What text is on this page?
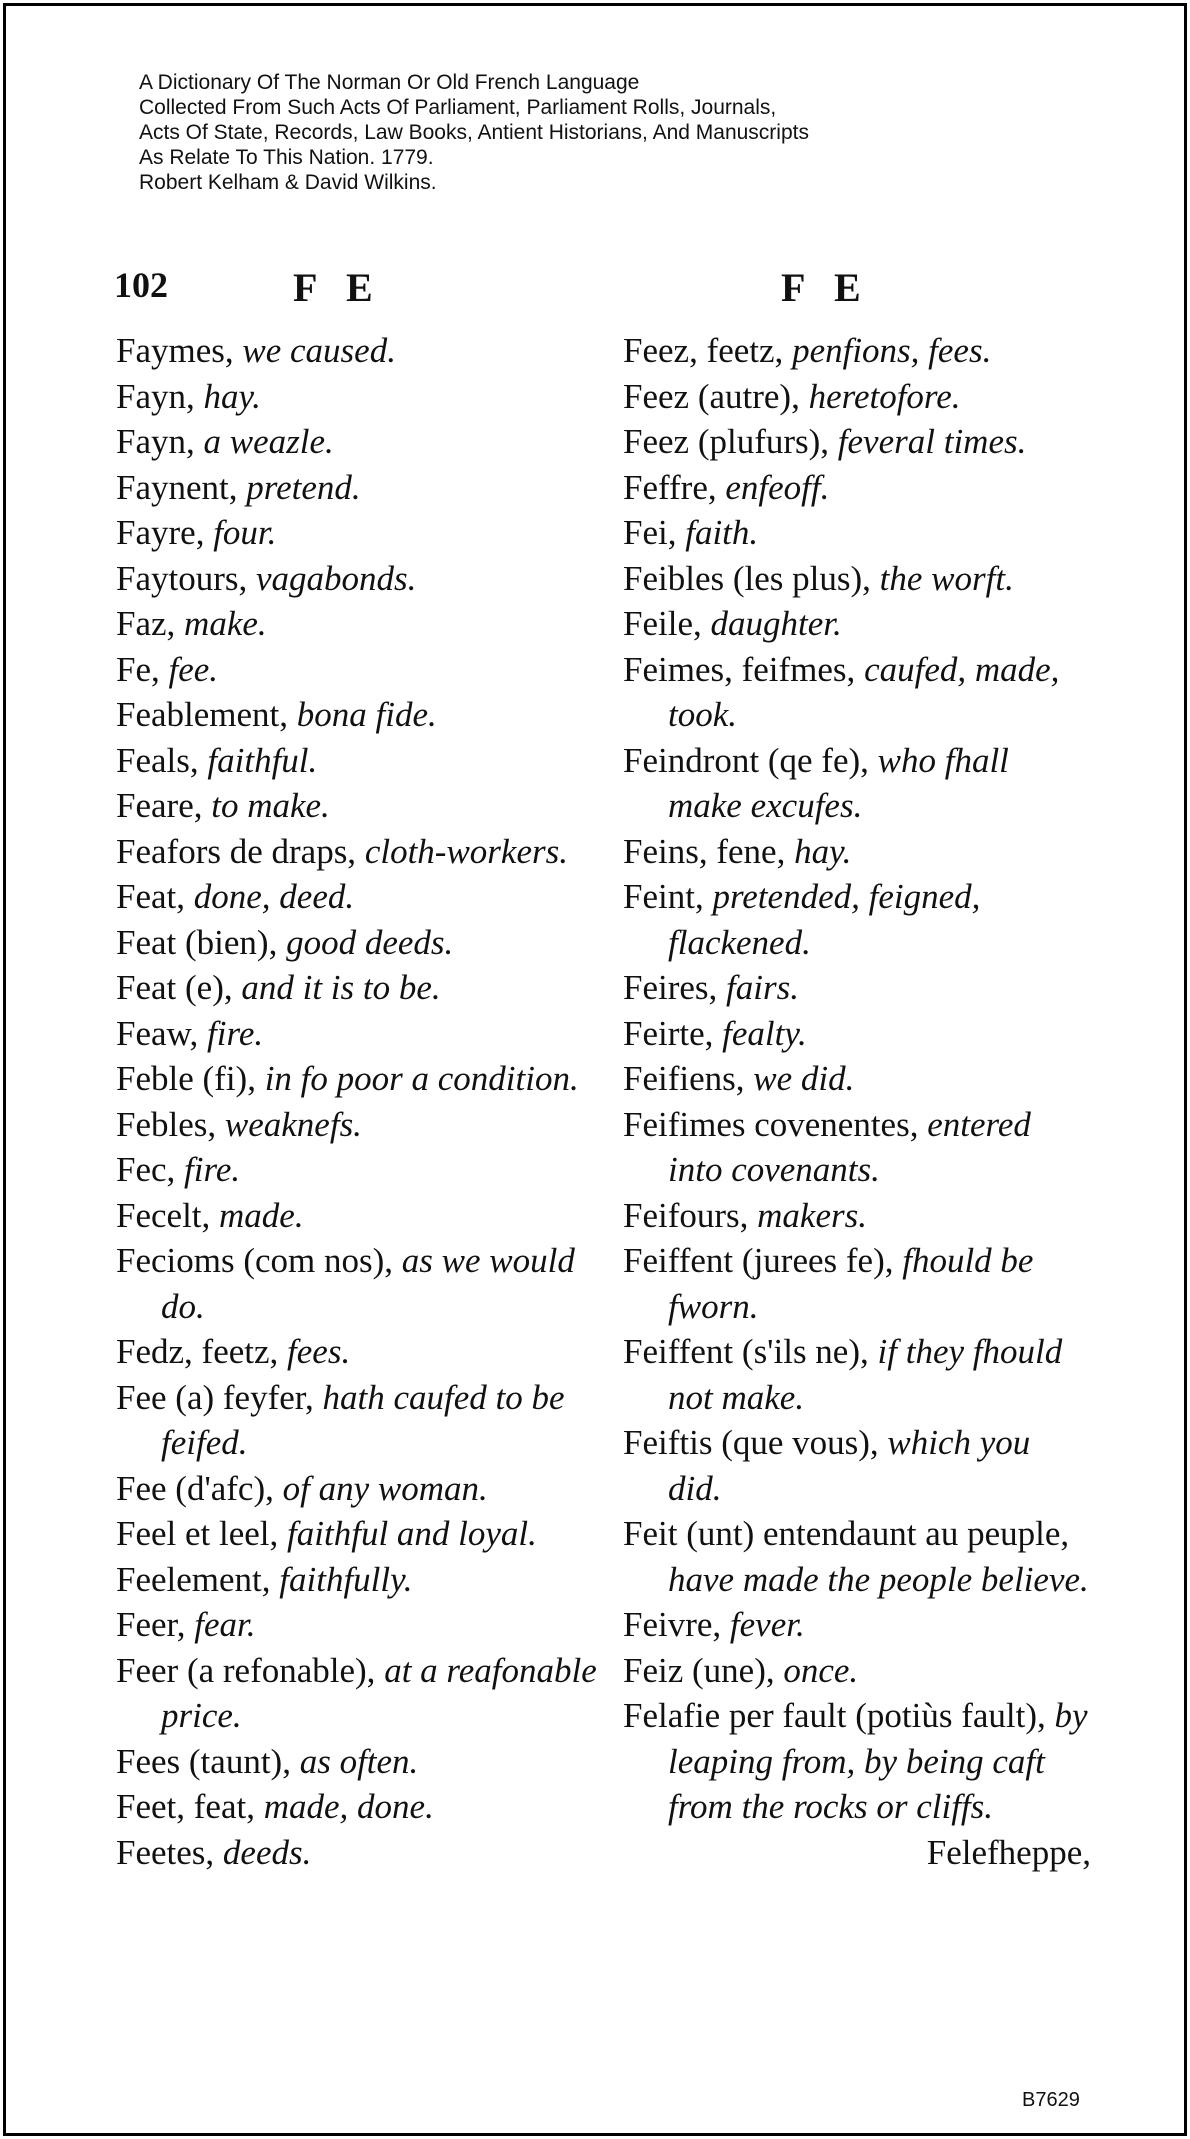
A Dictionary Of The Norman Or Old French Language
Collected From Such Acts Of Parliament, Parliament Rolls, Journals,
Acts Of State, Records, Law Books, Antient Historians, And Manuscripts
As Relate To This Nation. 1779.
Robert Kelham & David Wilkins.
102	F E	F E
Faymes, we caused.
Fayn, hay.
Fayn, a weazle.
Faynent, pretend.
Fayre, four.
Faytours, vagabonds.
Faz, make.
Fe, fee.
Feablement, bona fide.
Feals, faithful.
Feare, to make.
Feafors de draps, cloth-workers.
Feat, done, deed.
Feat (bien), good deeds.
Feat (e), and it is to be.
Feaw, fire.
Feble (fi), in fo poor a condition.
Febles, weaknefs.
Fec, fire.
Fecelt, made.
Fecioms (com nos), as we would do.
Fedz, feetz, fees.
Fee (a) feyfer, hath caufed to be feifed.
Fee (d'afc), of any woman.
Feel et leel, faithful and loyal.
Feelement, faithfully.
Feer, fear.
Feer (a refonable), at a reafonable price.
Fees (taunt), as often.
Feet, feat, made, done.
Feetes, deeds.
Feez, feetz, penfions, fees.
Feez (autre), heretofore.
Feez (plufurs), feveral times.
Feffre, enfeoff.
Fei, faith.
Feibles (les plus), the worft.
Feile, daughter.
Feimes, feifmes, caufed, made, took.
Feindront (qe fe), who fhall make excufes.
Feins, fene, hay.
Feint, pretended, feigned, flackened.
Feires, fairs.
Feirte, fealty.
Feifiens, we did.
Feifimes covenentes, entered into covenants.
Feifours, makers.
Feiffent (jurees fe), fhould be fworn.
Feiffent (s'ils ne), if they fhould not make.
Feiftis (que vous), which you did.
Feit (unt) entendaunt au peuple, have made the people believe.
Feivre, fever.
Feiz (une), once.
Felafie per fault (potiùs fault), by leaping from, by being caft from the rocks or cliffs.
Felefheppe,
B7629
